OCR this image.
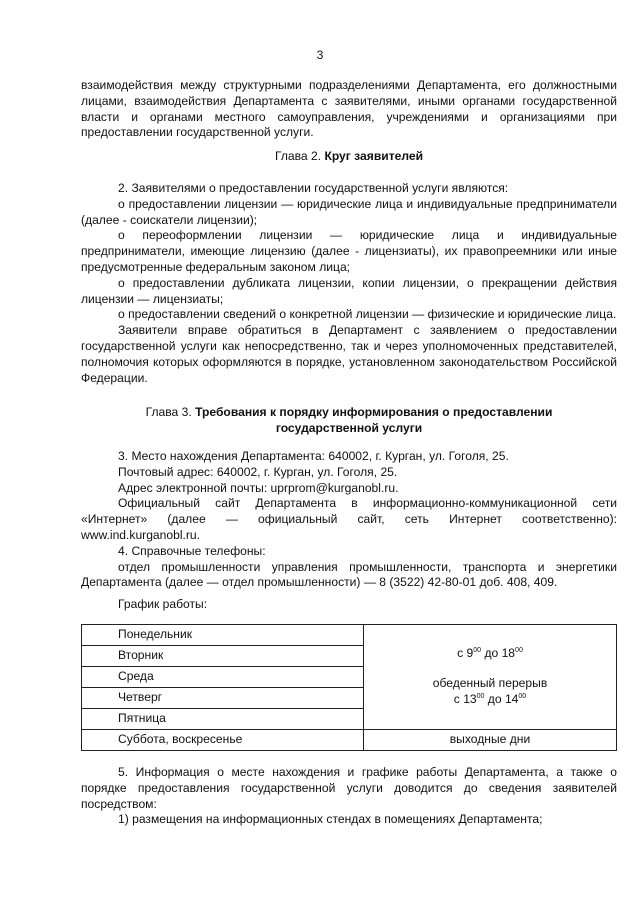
3

взаимодействия между структурными подразделениями Департамента, его должностными лицами, взаимодействия Департамента с заявителями, иными органами государственной власти и органами местного самоуправления, учреждениями и организациями при предоставлении государственной услуги.

Глава 2. Круг заявителей

2. Заявителями о предоставлении государственной услуги являются:

о предоставлении лицензии — юридические лица и индивидуальные предприниматели (далее - соискатели лицензии);

о переоформлении лицензии — юридические лица и индивидуальные предприниматели, имеющие лицензию (далее - лицензиаты), их правопреемники или иные предусмотренные федеральным законом лица;

о предоставлении дубликата лицензии, копии лицензии, о прекращении действия лицензии — лицензиаты;

о предоставлении сведений о конкретной лицензии — физические и юридические лица.

Заявители вправе обратиться в Департамент с заявлением о предоставлении государственной услуги как непосредственно, так и через уполномоченных представителей, полномочия которых оформляются в порядке, установленном законодательством Российской Федерации.

Глава 3. Требования к порядку информирования о предоставлении

государственной услуги

3. Место нахождения Департамента: 640002, г. Курган, ул. Гоголя, 25.

Почтовый адрес: 640002, г. Курган, ул. Гоголя, 25.

Адрес электронной почты: uprprom@kurganobl.ru.

Официальный сайт Департамента в информационно-коммуникационной сети «Интернет» (далее — официальный сайт, сеть Интернет соответственно): www.ind.kurganobl.ru.

4. Справочные телефоны:

отдел промышленности управления промышленности, транспорта и энергетики Департамента (далее — отдел промышленности) — 8 (3522) 42-80-01 доб. 408, 409.

График работы:

Понедельник	с $9^{00}$ до $18^{00}$
обеденный перерыв
с $13^{00}$ до $14^{00}$

Вторник	
Среда	
Четверг	
Пятница	
Суббота, воскресенье	выходные дни

5. Информация о месте нахождения и графике работы Департамента, а также о порядке предоставления государственной услуги доводится до сведения заявителей посредством:

1) размещения на информационных стендах в помещениях Департамента;
